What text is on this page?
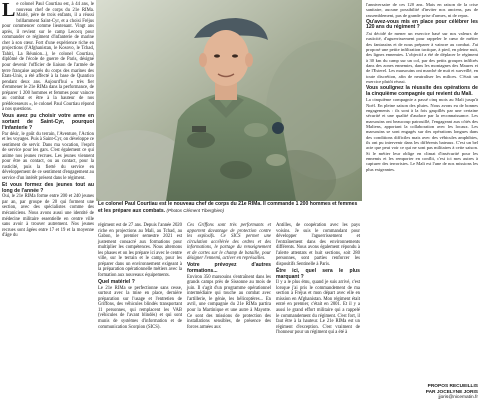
Le colonel Paul Courtiau est, à 44 ans, le nouveau chef de corps du 21e RIMa. Marié, père de trois enfants, il a réussi brillamment Saint-Cyr, et a choisi Fréjus pour commencer comme lieutenant. Vingt ans après, il revient sur le camp Lecocq pour commander ce régiment d'infanterie de marine cher à son cœur. Fort d'une expérience riche en projections (l'Afghanistan, le Kosovo, le Tchad, Tahiti, La Réunion...), le colonel Courtiau, diplômé de l'école de guerre de Paris, désigné pour devenir l'officier de liaison de l'armée de terre française auprès du corps des marines des États-Unis, a été affecté à la base de Quantico pendant deux ans. Aujourd'hui « très fier d'emmener le 21e RIMa dans la performance, de préparer 1 200 hommes et femmes pour vaincre au combat et être à la hauteur de nos prédécesseurs », le colonel Paul Courtiau répond à nos questions.

Vous avez pu choisir votre arme en sortant de Saint-Cyr, pourquoi l'infanterie ?

Par désir, le goût du terrain, l'Aventure, l'Action et les voyages. Puis à Saint-Cyr, on développe ce sentiment de servir. Dans ma vocation, l'esprit de service pour les gars. C'est également ce qui anime nos jeunes recrues. Les jeunes viennent pour être au contact, ou au contact, pour la rusticité, puis la fierté du service en développement de ce sentiment d'engagement au service d'un intérêt présent dans le régiment.

Et vous formez des jeunes tout au long de l'année ?

Oui, le 21e RIMa forme entre 200 et 240 jeunes par an, par groupe de 20 qui forment une section, avec des spécialistes comme des mécaniciens. Nous avons aussi une identité de médecine militaire essentielle en centre ville sans avoir à trouver autrement. Nos jeunes recrues sont âgées entre 17 et 19 et la moyenne d'âge du

Le colonel Paul Courtiau est le nouveau chef de corps du 21e RIMa. Il commande 1 200 hommes et femmes et les prépare aux combats. (Photos Clément Tiberghien)

régiment est de 27 ans. Depuis l'année 2020 riche en projections au Mali, au Tchad, au Gabon, le premier semestre 2021 est justement consacré aux formations pour multiplier les compétences. Nous alternons les phases et on les prépare ici avec le centre ville, sur le terrain et le camp, pour les préparer dans un environnement exigeant à la préparation opérationnelle métiers avec la formation aux nouveaux équipements.

Quel matériel ?

Le 21e RIMa se perfectionne sans cesse, surtout avec la mise en place, dernière préparation sur l'usage et l'entretien de Griffons, des véhicules blindés transportant 11 personnes, qui remplacent les VAB (véhicules de l'avant blindés) et qui sont munis de systèmes d'information et de communication Scorpion (SICS).

Ces Griffons sont très performants et apportent davantage de protection contre les explosifs. Ce SICS permet une circulation accélérée des ordres et des informations, le partage du renseignement et de cartes sur le champ de bataille, pour désigner l'ennemi, activer en représailles.

Votre prévoyez d'autres formations...

Environ 350 marsouins s'entraînent dans les grands camps près de Sissonne au mois de juin. Il s'agit d'un programme opérationnel intermédiaire qui touche au combat avec l'artillerie, le génie, les hélicoptères... En avril, une compagnie du 21e RIMa partira pour la Martinique et une autre à Mayotte. Ce sont des missions de protection des installations sensibles, de présence des forces armées aux

Antilles, de coopération avec les pays voisins. Je suis le commandant pour développer l'aguerrissement et l'entraînement dans des environnements différents. Nous avons également répondu à l'alerte attentats et huit sections, soit 280 personnes, sont parties renforcer les dispositifs Sentinelle à Paris.

Être ici, quel sera le plus marquant ?

Il y a le plus ému, quand je suis arrivé, c'est lorsque j'ai pris le commandement de ma section à Fréjus et mon départ avec elle en mission en Afghanistan. Mon régiment était entré en premier, c'était en 2001. Et il y a aussi le grand effort militaire qui a rappelé le commandement du régiment. C'est fort, il faut être à la hauteur. Le 21e RIMa est un régiment d'exception. C'est vraiment de l'honneur pour un régiment qui a été à

l'anniversaire de ces 120 ans. Mais en raison de la crise sanitaire, aucune possibilité d'inviter nos anciens, pas de rassemblement, pas de grande prise d'armes, ni de repas.

Qu'avez-vous mis en place pour célébrer les 120 ans du régiment ?

J'ai décidé de mener un exercice basé sur nos valeurs de rusticité, d'aguerrissement pour rappeler le cœur de métier des fantassins et de nous préparer à vaincre au combat. J'ai proposé une petite infiltration tactique, à pied, en pleine nuit, des lignes ennemies. L'objectif a été de déplacer le régiment à 30 km du camp sur un col, par des petits groupes infiltrés dans des zones ennemies, dans les montagnes des Maures et de l'Esterel. Les marsouins ont marché de nuit et surveillé, en toute discrétion, afin de neutraliser les milices. C'était un exercice plutôt réussi.

Vous soulignez la réussite des opérations de la cinquième compagnie qui revient du Mali.

La cinquième compagnie a passé cinq mois au Mali jusqu'à Noël. En pleine saison des pluies. Nous avons eu de bonnes engagements : ils sont à la fois gaspillés par une certaine sécurité et une qualité d'audace par la reconnaissance. Les marsouins ont beaucoup patrouillé, l'engageant aux côtés des Maliens, apportant la collaboration avec les locaux. Les marsouins se sont engagés sur des opérations longues dans des conditions difficiles mais avec des véhicules amphibies, ils ont pu intervenir dans les différents bateaux. C'est un bel acte que peut voir ce qui ne sont pas militaires à cette saison. Si le métier leur oblige en climat d'insécurité pour les ennemis et les remporter en conflit, c'est ici mes autres à capturer des terroristes. Le Mali est l'une de nos missions les plus exigeantes.

PROPOS RECUEILLIS
PAR JOCELYNE JORIS
jjoris@nicematin.fr
